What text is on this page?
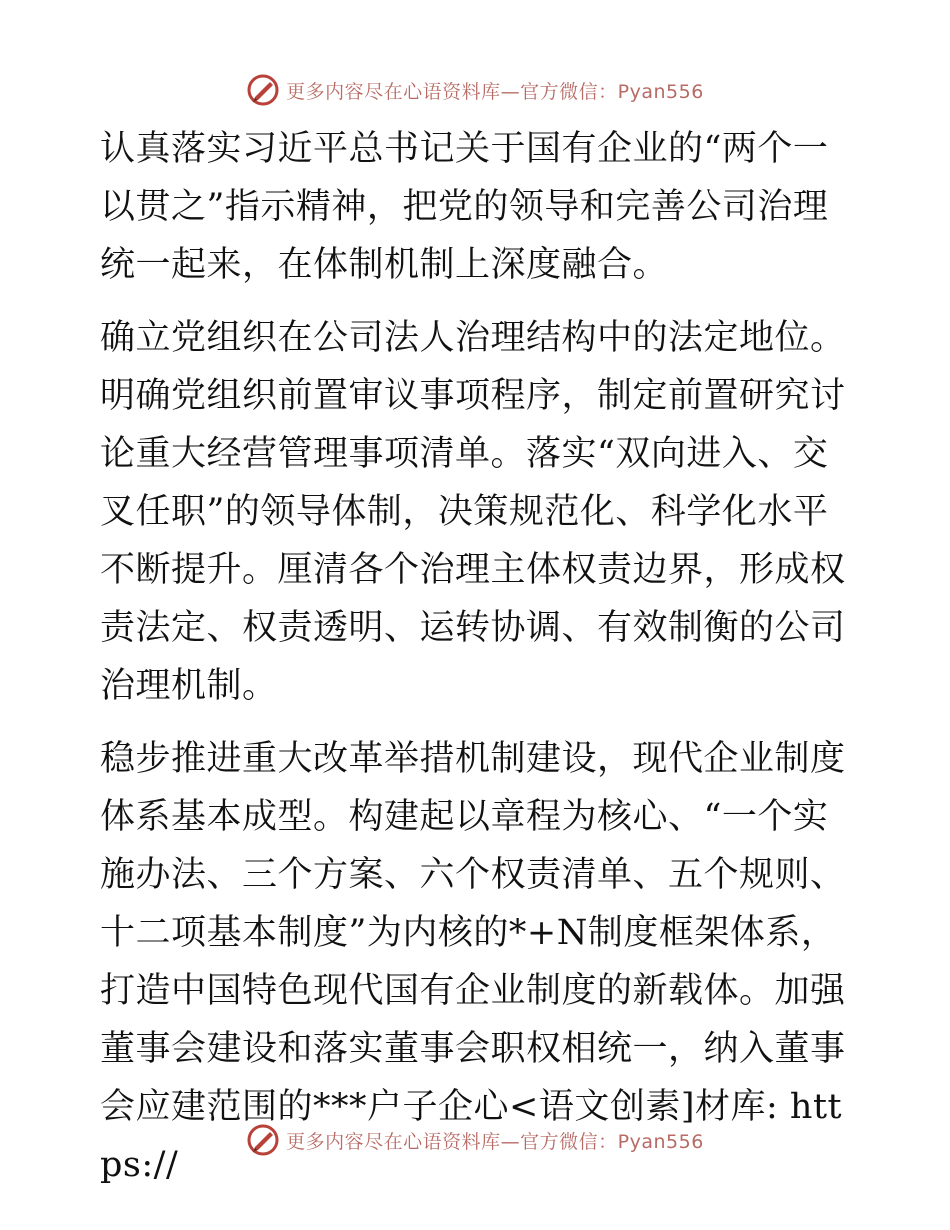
更多内容尽在心语资料库—官方微信：Pyan556

认真落实习近平总书记关于国有企业的“两个一以贯之”指示精神，把党的领导和完善公司治理统一起来，在体制机制上深度融合。

确立党组织在公司法人治理结构中的法定地位。明确党组织前置审议事项程序，制定前置研究讨论重大经营管理事项清单。落实“双向进入、交叉任职”的领导体制，决策规范化、科学化水平不断提升。厘清各个治理主体权责边界，形成权责法定、权责透明、运转协调、有效制衡的公司治理机制。

稳步推进重大改革举措机制建设，现代企业制度体系基本成型。构建起以章程为核心、“一个实施办法、三个方案、六个权责清单、五个规则、十二项基本制度”为内核的*+N制度框架体系，打造中国特色现代国有企业制度的新载体。加强董事会建设和落实董事会职权相统一，纳入董事会应建范围的***户子企心<语文创素]材库: https://

更多内容尽在心语资料库—官方微信：Pyan556
